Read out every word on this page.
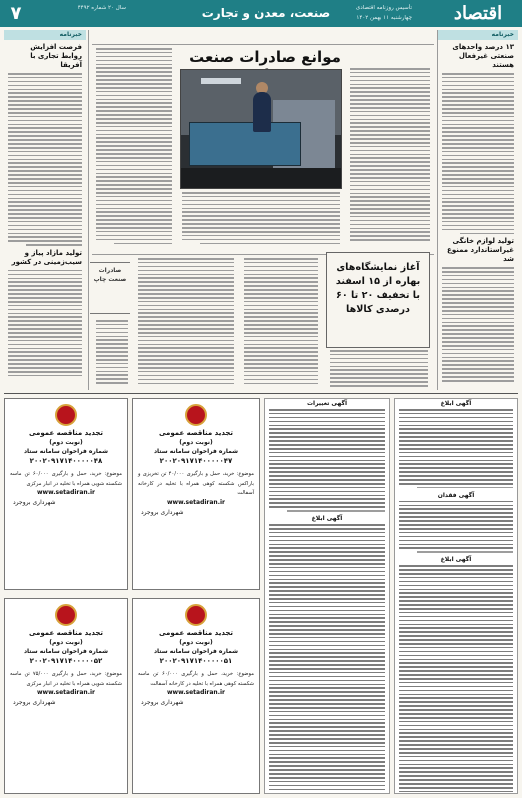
اقتصاد
تأسیس روزنامه اقتصادی
چهارشنبه ۱۱ بهمن ۱۴۰۲
صنعت، معدن و تجارت
سال ۲۰ شماره ۴۴۹۲
۷
خبرنامه
۱۳ درصد واحدهای صنعتی غیرفعال هستند
تولید لوازم خانگی غیراستاندارد ممنوع شد
خبرنامه
فرصت افزایش روابط تجاری با آفریقا
تولید مازاد پیاز و سیب‌زمینی در کشور
موانع صادرات صنعت
آغاز نمایشگاه‌های بهاره از ۱۵ اسفند با تخفیف ۲۰ تا ۶۰ درصدی کالاها
صادرات صنعت چاپ
تجدید مناقصه عمومی
(نوبت دوم)
شماره فراخوان سامانه ستاد
۲۰۰۲۰۹۱۷۱۴۰۰۰۰۰۴۸
موضوع: خرید، حمل و بارگیری ۶۰/۰۰۰ تن ماسه شکسته شویی همراه با تخلیه در انبار مرکزی
www.setadiran.ir
شهرداری بروجرد
تجدید مناقصه عمومی
(نوبت دوم)
شماره فراخوان سامانه ستاد
۲۰۰۲۰۹۱۷۱۴۰۰۰۰۰۴۷
موضوع: خرید، حمل و بارگیری ۴۰/۰۰۰ تن تخریزی و باراکس شکسته کوهی همراه با تخلیه در کارخانه آسفالت
www.setadiran.ir
شهرداری بروجرد
تجدید مناقصه عمومی
(نوبت دوم)
شماره فراخوان سامانه ستاد
۲۰۰۲۰۹۱۷۱۴۰۰۰۰۰۵۲
موضوع: خرید، حمل و بارگیری ۷۵/۰۰۰ تن ماسه شکسته شویی همراه با تخلیه در انبار مرکزی
www.setadiran.ir
شهرداری بروجرد
تجدید مناقصه عمومی
(نوبت دوم)
شماره فراخوان سامانه ستاد
۲۰۰۲۰۹۱۷۱۴۰۰۰۰۰۵۱
موضوع: خرید، حمل و بارگیری ۶۰/۰۰۰ تن ماسه شکسته کوهی همراه با تخلیه در کارخانه آسفالت
www.setadiran.ir
شهرداری بروجرد
آگهی تغییرات
آگهی ابلاغ
آگهی ابلاغ
آگهی فقدان
آگهی ابلاغ
